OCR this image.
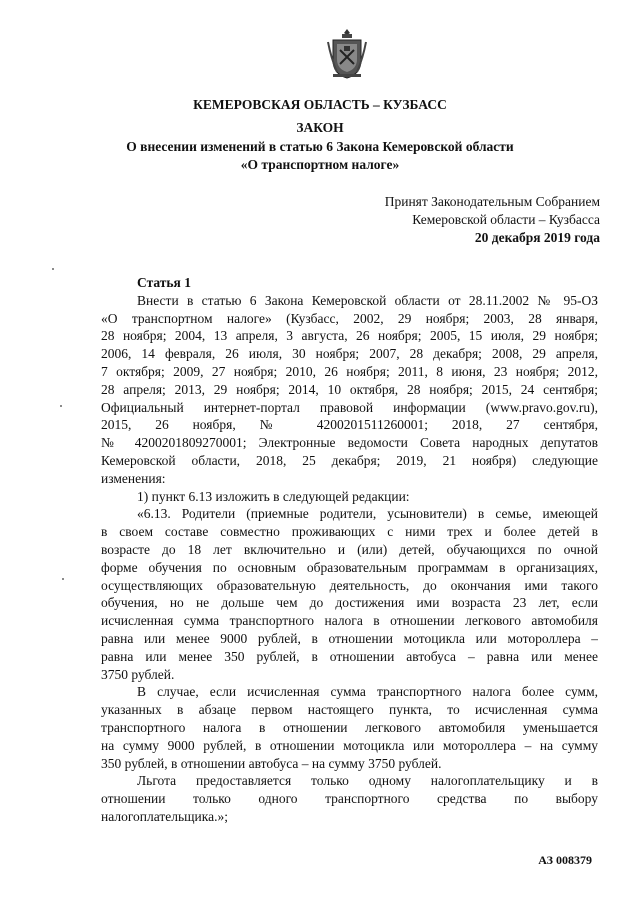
КЕМЕРОВСКАЯ ОБЛАСТЬ – КУЗБАСС
ЗАКОН
О внесении изменений в статью 6 Закона Кемеровской области
«О транспортном налоге»
Принят Законодательным Собранием
Кемеровской области – Кузбасса
20 декабря 2019 года
Статья 1
Внести в статью 6 Закона Кемеровской области от 28.11.2002 № 95-ОЗ
«О транспортном налоге» (Кузбасс, 2002, 29 ноября; 2003, 28 января,
28 ноября; 2004, 13 апреля, 3 августа, 26 ноября; 2005, 15 июля, 29 ноября;
2006, 14 февраля, 26 июля, 30 ноября; 2007, 28 декабря; 2008, 29 апреля,
7 октября; 2009, 27 ноября; 2010, 26 ноября; 2011, 8 июня, 23 ноября; 2012,
28 апреля; 2013, 29 ноября; 2014, 10 октября, 28 ноября; 2015, 24 сентября;
Официальный интернет-портал правовой информации (www.pravo.gov.ru),
2015, 26 ноября, № 4200201511260001; 2018, 27 сентября,
№ 4200201809270001; Электронные ведомости Совета народных депутатов
Кемеровской области, 2018, 25 декабря; 2019, 21 ноября) следующие
изменения:
1) пункт 6.13 изложить в следующей редакции:
«6.13. Родители (приемные родители, усыновители) в семье, имеющей
в своем составе совместно проживающих с ними трех и более детей в
возрасте до 18 лет включительно и (или) детей, обучающихся по очной
форме обучения по основным образовательным программам в организациях,
осуществляющих образовательную деятельность, до окончания ими такого
обучения, но не дольше чем до достижения ими возраста 23 лет, если
исчисленная сумма транспортного налога в отношении легкового автомобиля
равна или менее 9000 рублей, в отношении мотоцикла или мотороллера –
равна или менее 350 рублей, в отношении автобуса – равна или менее
3750 рублей.
В случае, если исчисленная сумма транспортного налога более сумм,
указанных в абзаце первом настоящего пункта, то исчисленная сумма
транспортного налога в отношении легкового автомобиля уменьшается
на сумму 9000 рублей, в отношении мотоцикла или мотороллера – на сумму
350 рублей, в отношении автобуса – на сумму 3750 рублей.
Льгота предоставляется только одному налогоплательщику и в
отношении только одного транспортного средства по выбору
налогоплательщика.»;
АЗ 008379
